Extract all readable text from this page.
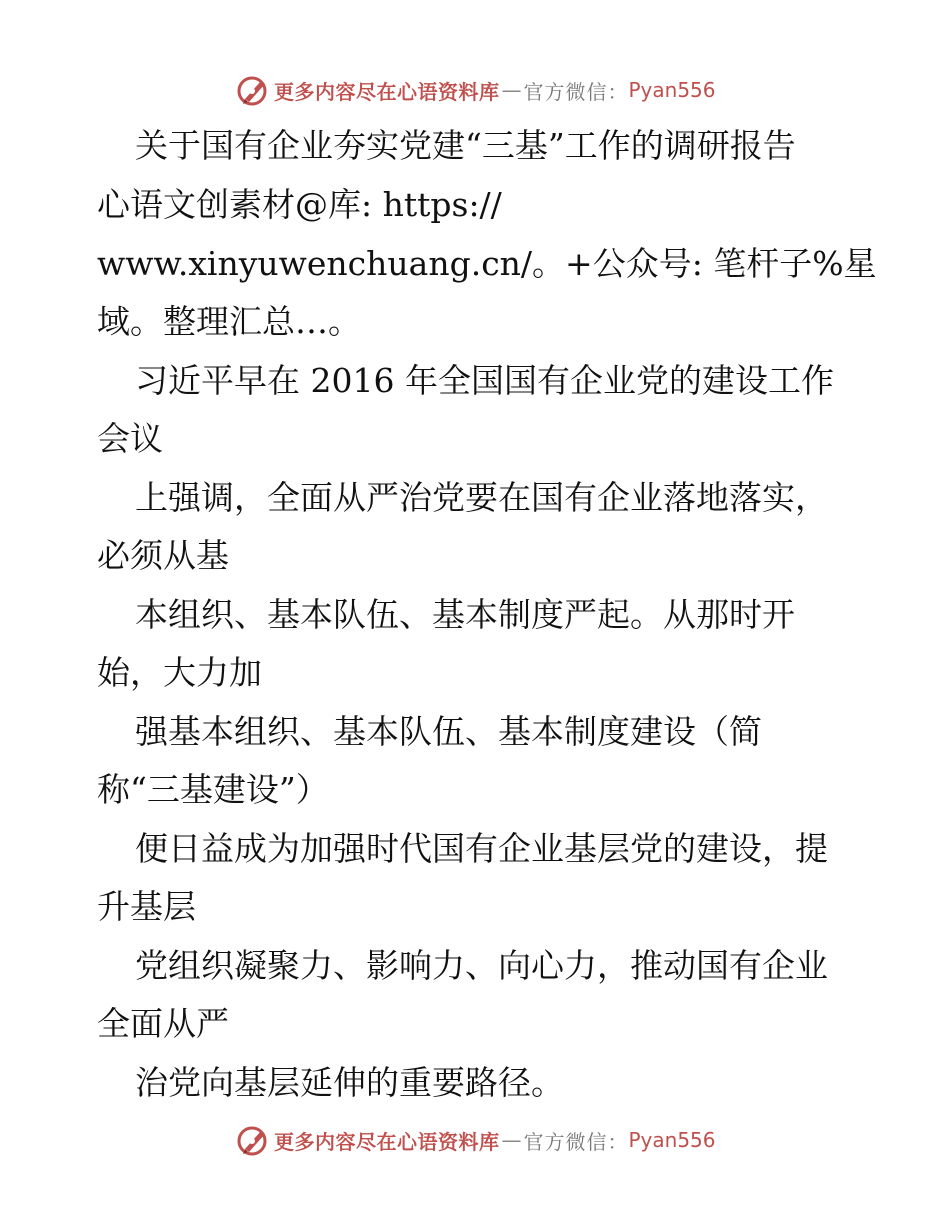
更多内容尽在心语资料库 — 官方微信： Pyan556
关于国有企业夯实党建“三基”工作的调研报告
心语文创素材@库: https://
www.xinyuwenchuang.cn/。+公众号: 笔杆子%星
域。整理汇总…。
习近平早在 2016 年全国国有企业党的建设工作
会议
上强调，全面从严治党要在国有企业落地落实，
必须从基
本组织、基本队伍、基本制度严起。从那时开
始，大力加
强基本组织、基本队伍、基本制度建设（简
称“三基建设”）
便日益成为加强时代国有企业基层党的建设，提
升基层
党组织凝聚力、影响力、向心力，推动国有企业
全面从严
治党向基层延伸的重要路径。
更多内容尽在心语资料库 — 官方微信： Pyan556
